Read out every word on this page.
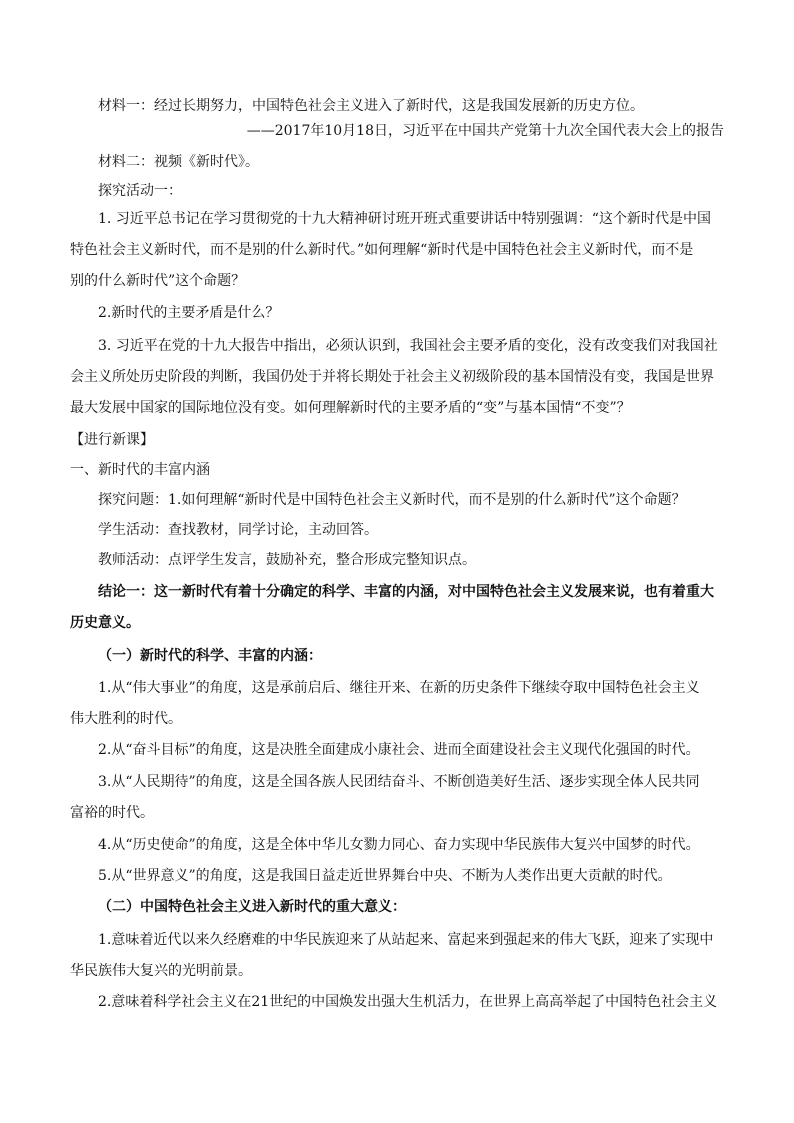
材料一：经过长期努力，中国特色社会主义进入了新时代，这是我国发展新的历史方位。
——2017年10月18日，习近平在中国共产党第十九次全国代表大会上的报告
材料二：视频《新时代》。
探究活动一：
1. 习近平总书记在学习贯彻党的十九大精神研讨班开班式重要讲话中特别强调：“这个新时代是中国
特色社会主义新时代，而不是别的什么新时代。”如何理解“新时代是中国特色社会主义新时代，而不是
别的什么新时代”这个命题？
2.新时代的主要矛盾是什么？
3. 习近平在党的十九大报告中指出，必须认识到，我国社会主要矛盾的变化，没有改变我们对我国社
会主义所处历史阶段的判断，我国仍处于并将长期处于社会主义初级阶段的基本国情没有变，我国是世界
最大发展中国家的国际地位没有变。如何理解新时代的主要矛盾的“变”与基本国情“不变”？
【进行新课】
一、新时代的丰富内涵
探究问题：1.如何理解“新时代是中国特色社会主义新时代，而不是别的什么新时代”这个命题？
学生活动：查找教材，同学讨论，主动回答。
教师活动：点评学生发言，鼓励补充，整合形成完整知识点。
结论一：这一新时代有着十分确定的科学、丰富的内涵，对中国特色社会主义发展来说，也有着重大
历史意义。
（一）新时代的科学、丰富的内涵：
1.从“伟大事业”的角度，这是承前启后、继往开来、在新的历史条件下继续夺取中国特色社会主义
伟大胜利的时代。
2.从“奋斗目标”的角度，这是决胜全面建成小康社会、进而全面建设社会主义现代化强国的时代。
3.从“人民期待”的角度，这是全国各族人民团结奋斗、不断创造美好生活、逐步实现全体人民共同
富裕的时代。
4.从“历史使命”的角度，这是全体中华儿女勠力同心、奋力实现中华民族伟大复兴中国梦的时代。
5.从“世界意义”的角度，这是我国日益走近世界舞台中央、不断为人类作出更大贡献的时代。
（二）中国特色社会主义进入新时代的重大意义：
1.意味着近代以来久经磨难的中华民族迎来了从站起来、富起来到强起来的伟大飞跃，迎来了实现中
华民族伟大复兴的光明前景。
2.意味着科学社会主义在21世纪的中国焕发出强大生机活力，在世界上高高举起了中国特色社会主义
